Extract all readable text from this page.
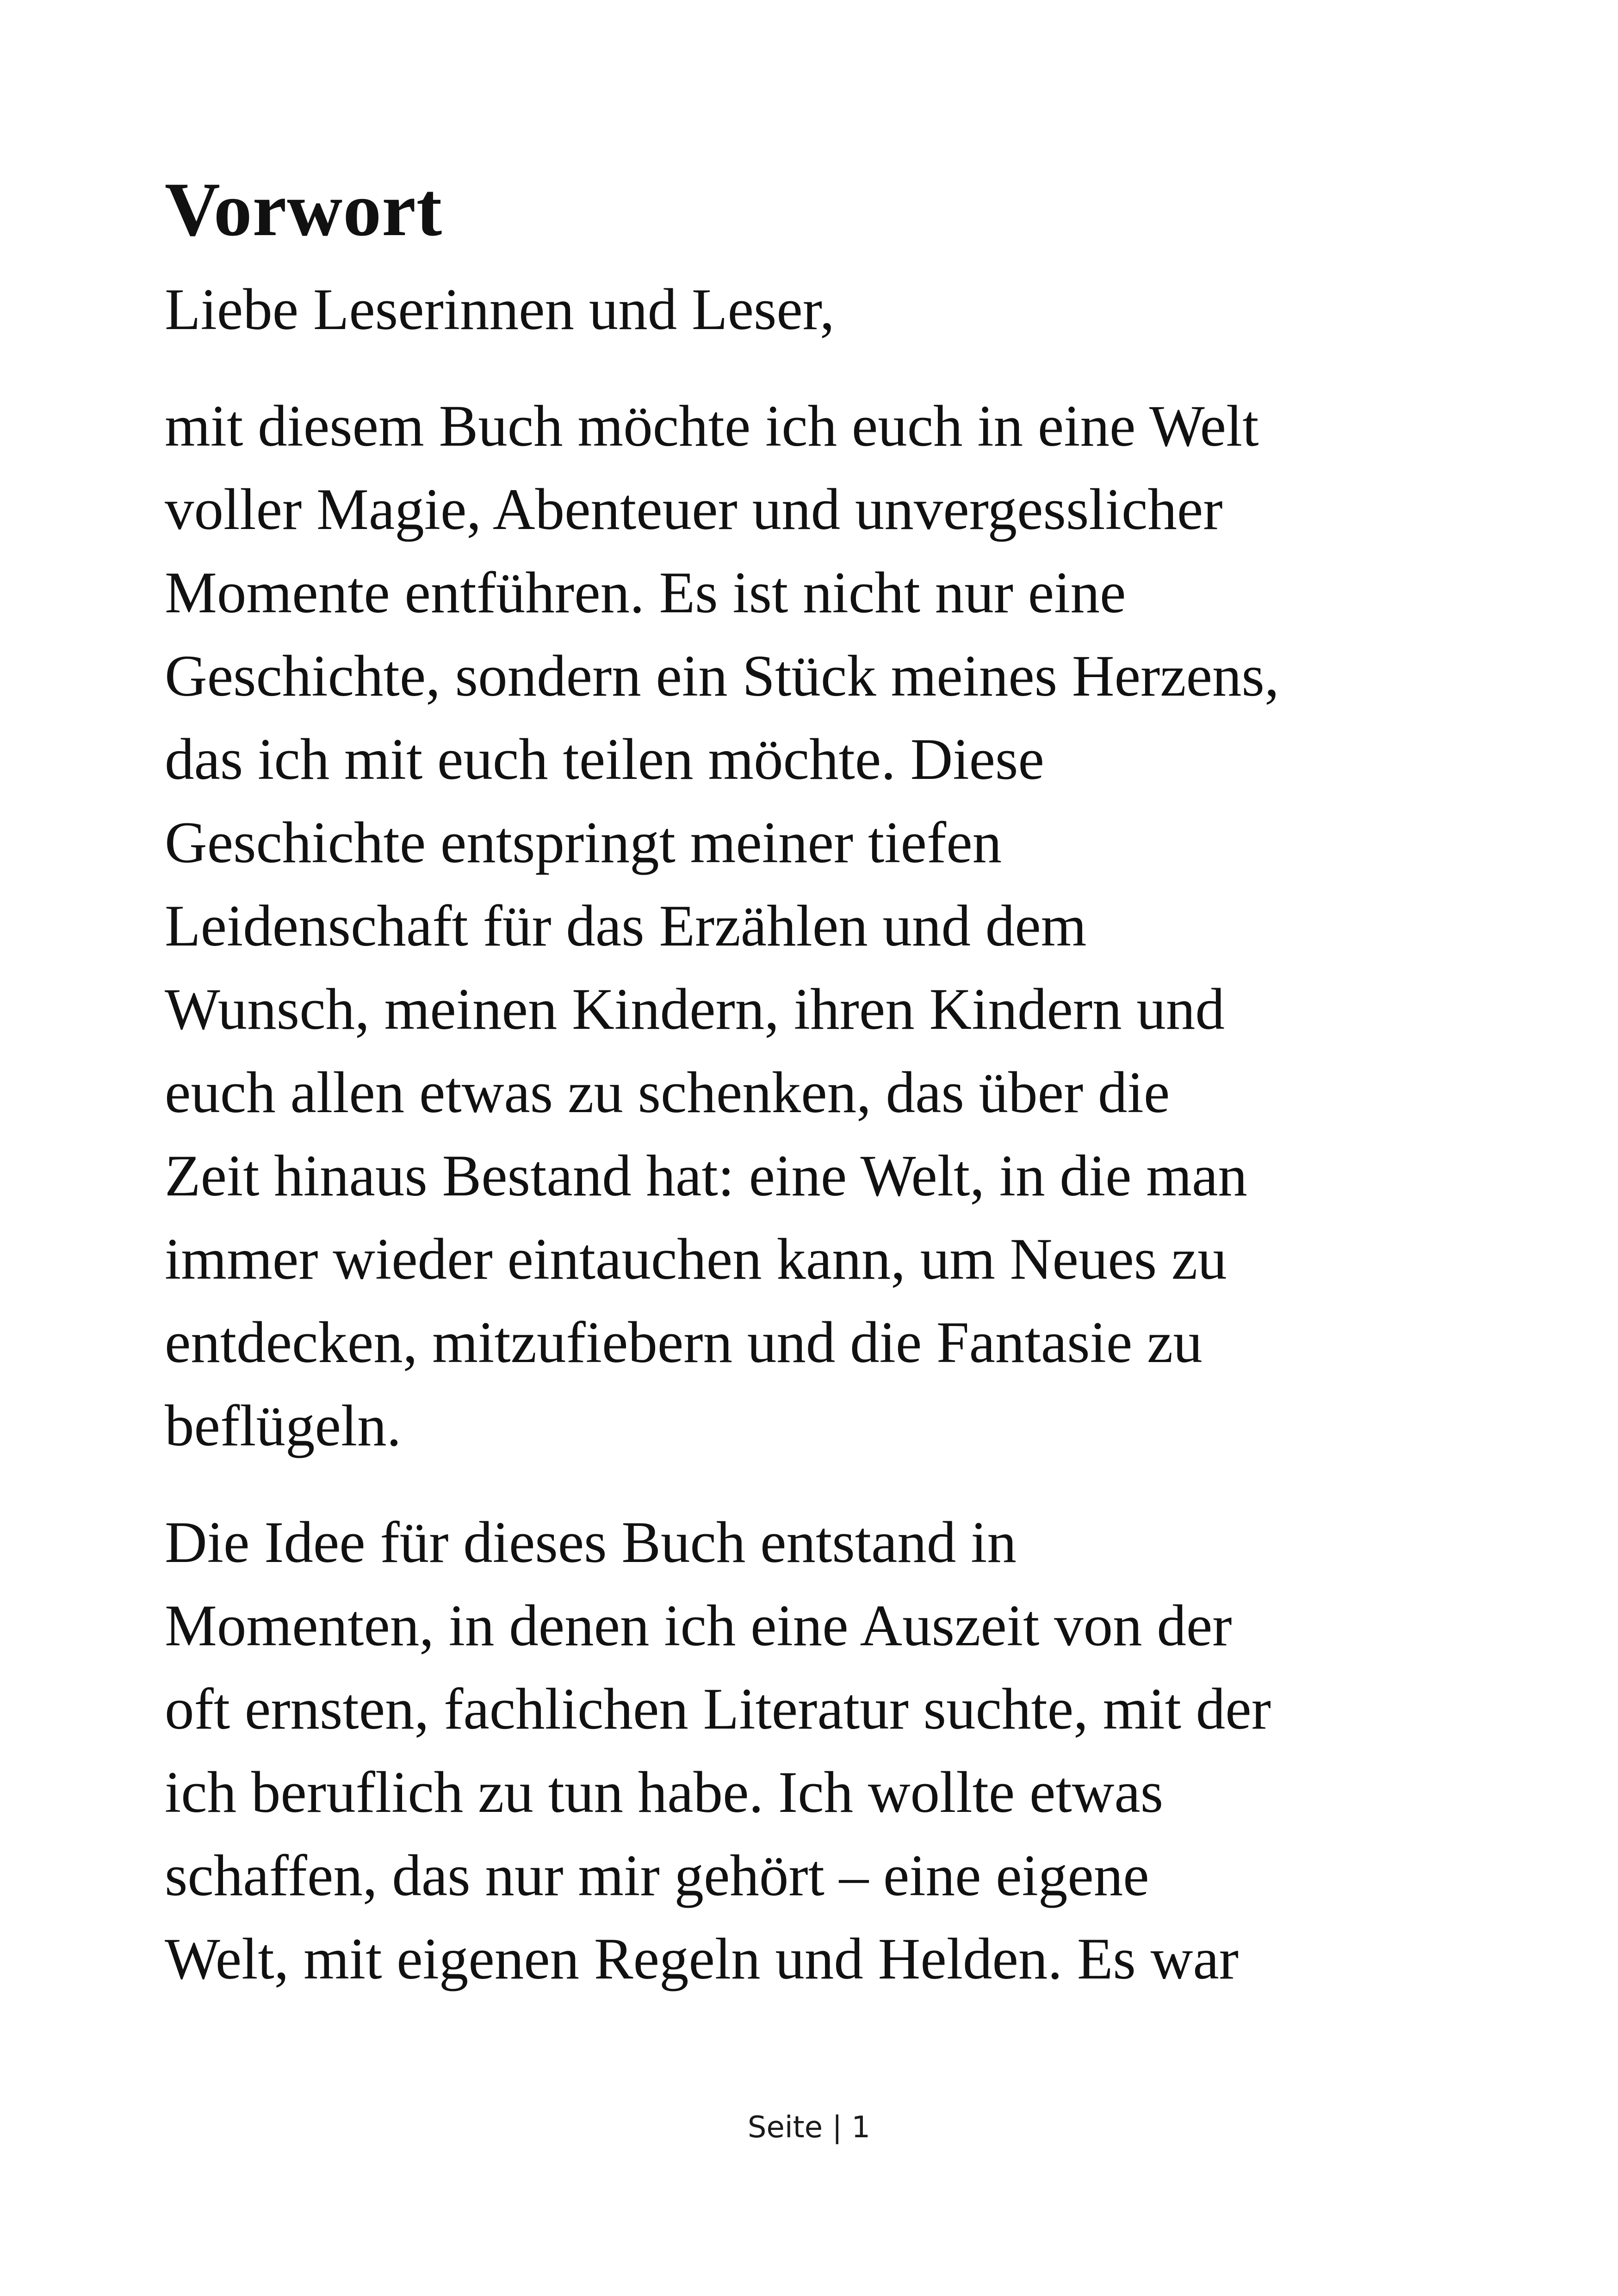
Vorwort

Liebe Leserinnen und Leser,

mit diesem Buch möchte ich euch in eine Welt
voller Magie, Abenteuer und unvergesslicher
Momente entführen. Es ist nicht nur eine
Geschichte, sondern ein Stück meines Herzens,
das ich mit euch teilen möchte. Diese
Geschichte entspringt meiner tiefen
Leidenschaft für das Erzählen und dem
Wunsch, meinen Kindern, ihren Kindern und
euch allen etwas zu schenken, das über die
Zeit hinaus Bestand hat: eine Welt, in die man
immer wieder eintauchen kann, um Neues zu
entdecken, mitzufiebern und die Fantasie zu
beflügeln.

Die Idee für dieses Buch entstand in
Momenten, in denen ich eine Auszeit von der
oft ernsten, fachlichen Literatur suchte, mit der
ich beruflich zu tun habe. Ich wollte etwas
schaffen, das nur mir gehört – eine eigene
Welt, mit eigenen Regeln und Helden. Es war

Seite | 1
